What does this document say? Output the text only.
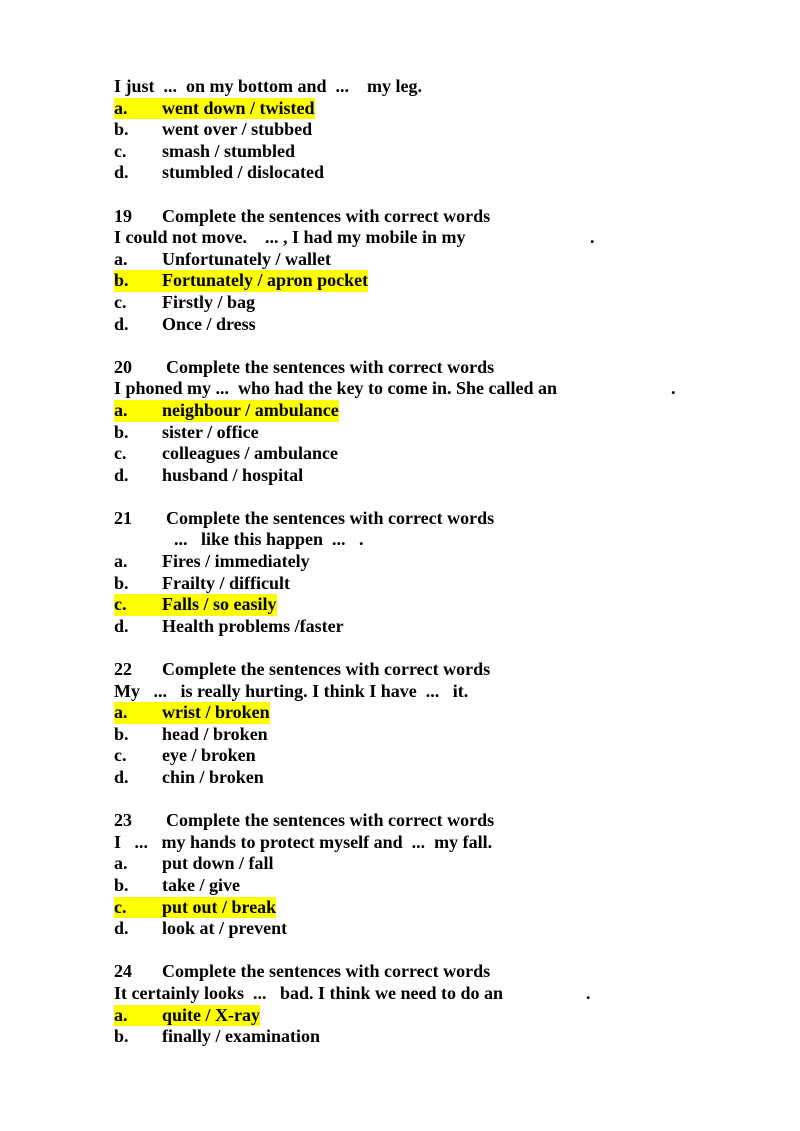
I just  ...  on my bottom and  ...    my leg.
a. went down / twisted
b. went over / stubbed
c. smash / stumbled
d. stumbled / dislocated
19 Complete the sentences with correct words
I could not move.    ... , I had my mobile in my	.
a. Unfortunately / wallet
b. Fortunately / apron pocket
c. Firstly / bag
d. Once / dress
20 Complete the sentences with correct words
I phoned my ...  who had the key to come in. She called an	.
a. neighbour / ambulance
b. sister / office
c. colleagues / ambulance
d. husband / hospital
21 Complete the sentences with correct words
...   like this happen  ...   .
a. Fires / immediately
b. Frailty / difficult
c. Falls / so easily
d. Health problems /faster
22 Complete the sentences with correct words
My   ...   is really hurting. I think I have  ...   it.
a. wrist / broken
b. head / broken
c. eye / broken
d. chin / broken
23 Complete the sentences with correct words
I   ...   my hands to protect myself and  ...  my fall.
a. put down / fall
b. take / give
c. put out / break
d. look at / prevent
24 Complete the sentences with correct words
It certainly looks  ...   bad. I think we need to do an	.
a. quite / X-ray
b. finally / examination
